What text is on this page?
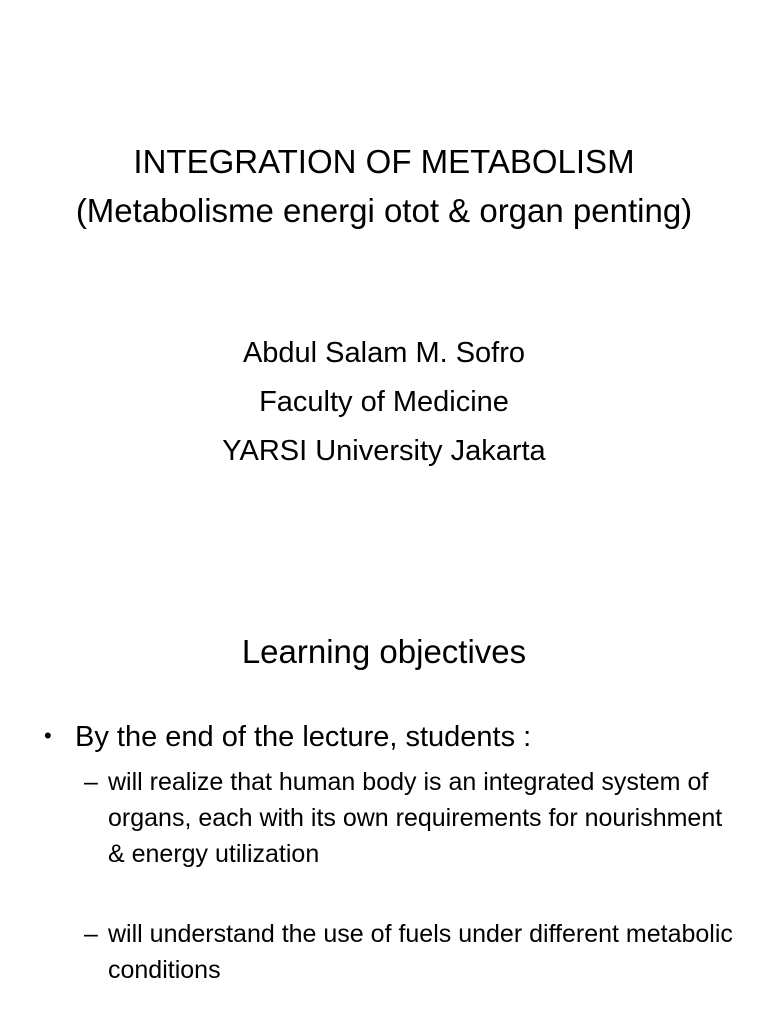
INTEGRATION OF METABOLISM
(Metabolisme energi otot & organ penting)
Abdul Salam M. Sofro
Faculty of Medicine
YARSI University Jakarta
Learning objectives
• By the end of the lecture, students :
– will realize that human body is an integrated system of organs, each with its own requirements for nourishment & energy utilization
– will understand the use of fuels under different metabolic conditions
